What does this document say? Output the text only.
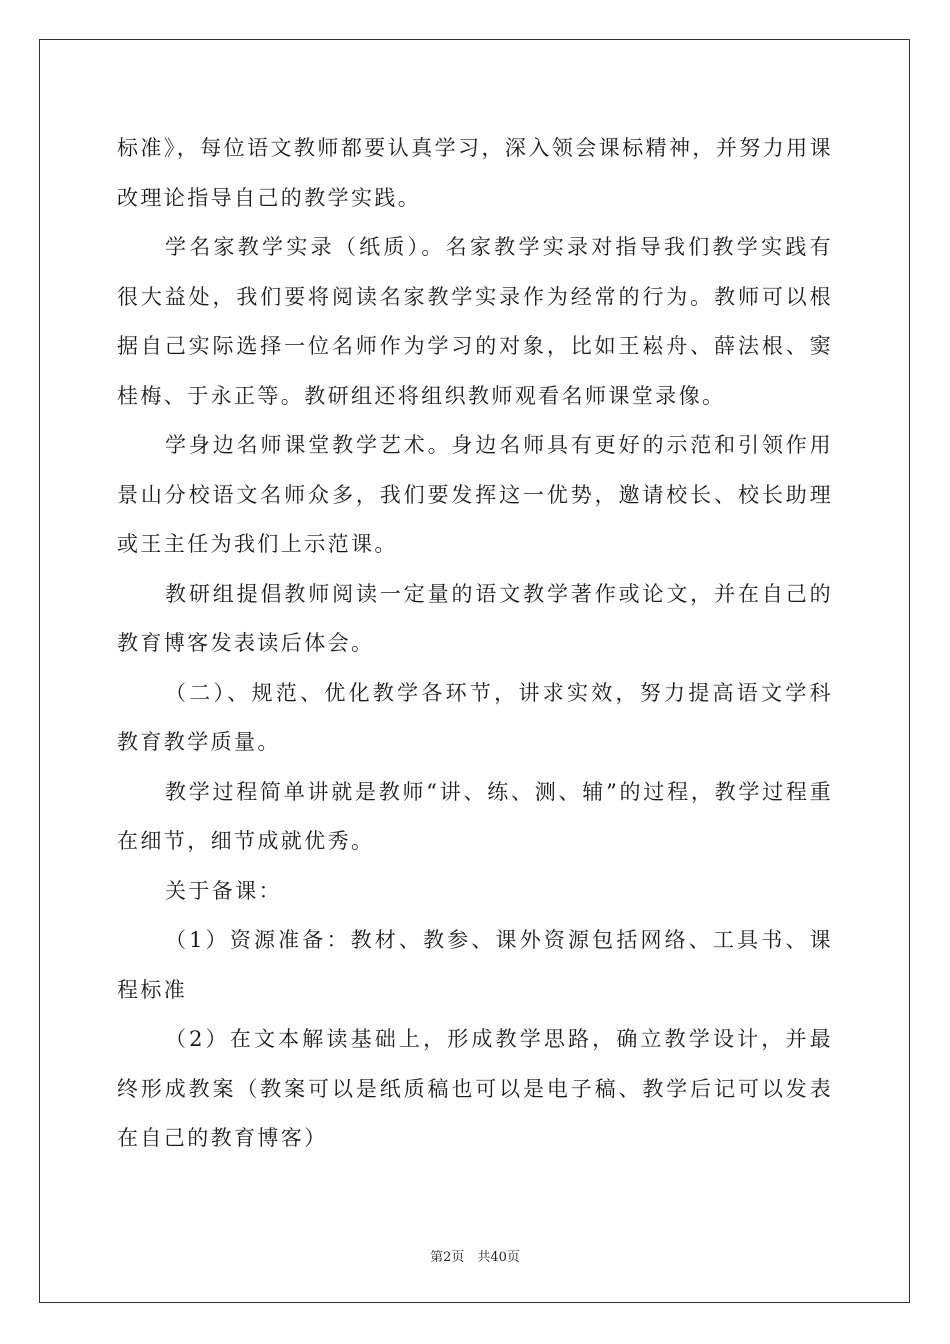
标准》，每位语文教师都要认真学习，深入领会课标精神，并努力用课改理论指导自己的教学实践。

学名家教学实录（纸质）。名家教学实录对指导我们教学实践有很大益处，我们要将阅读名家教学实录作为经常的行为。教师可以根据自己实际选择一位名师作为学习的对象，比如王崧舟、薛法根、窦桂梅、于永正等。教研组还将组织教师观看名师课堂录像。

学身边名师课堂教学艺术。身边名师具有更好的示范和引领作用景山分校语文名师众多，我们要发挥这一优势，邀请校长、校长助理或王主任为我们上示范课。

教研组提倡教师阅读一定量的语文教学著作或论文，并在自己的教育博客发表读后体会。

（二）、规范、优化教学各环节，讲求实效，努力提高语文学科教育教学质量。

教学过程简单讲就是教师“讲、练、测、辅”的过程，教学过程重在细节，细节成就优秀。

关于备课：

（1）资源准备：教材、教参、课外资源包括网络、工具书、课程标准

（2）在文本解读基础上，形成教学思路，确立教学设计，并最终形成教案（教案可以是纸质稿也可以是电子稿、教学后记可以发表在自己的教育博客）

第2页　共40页
